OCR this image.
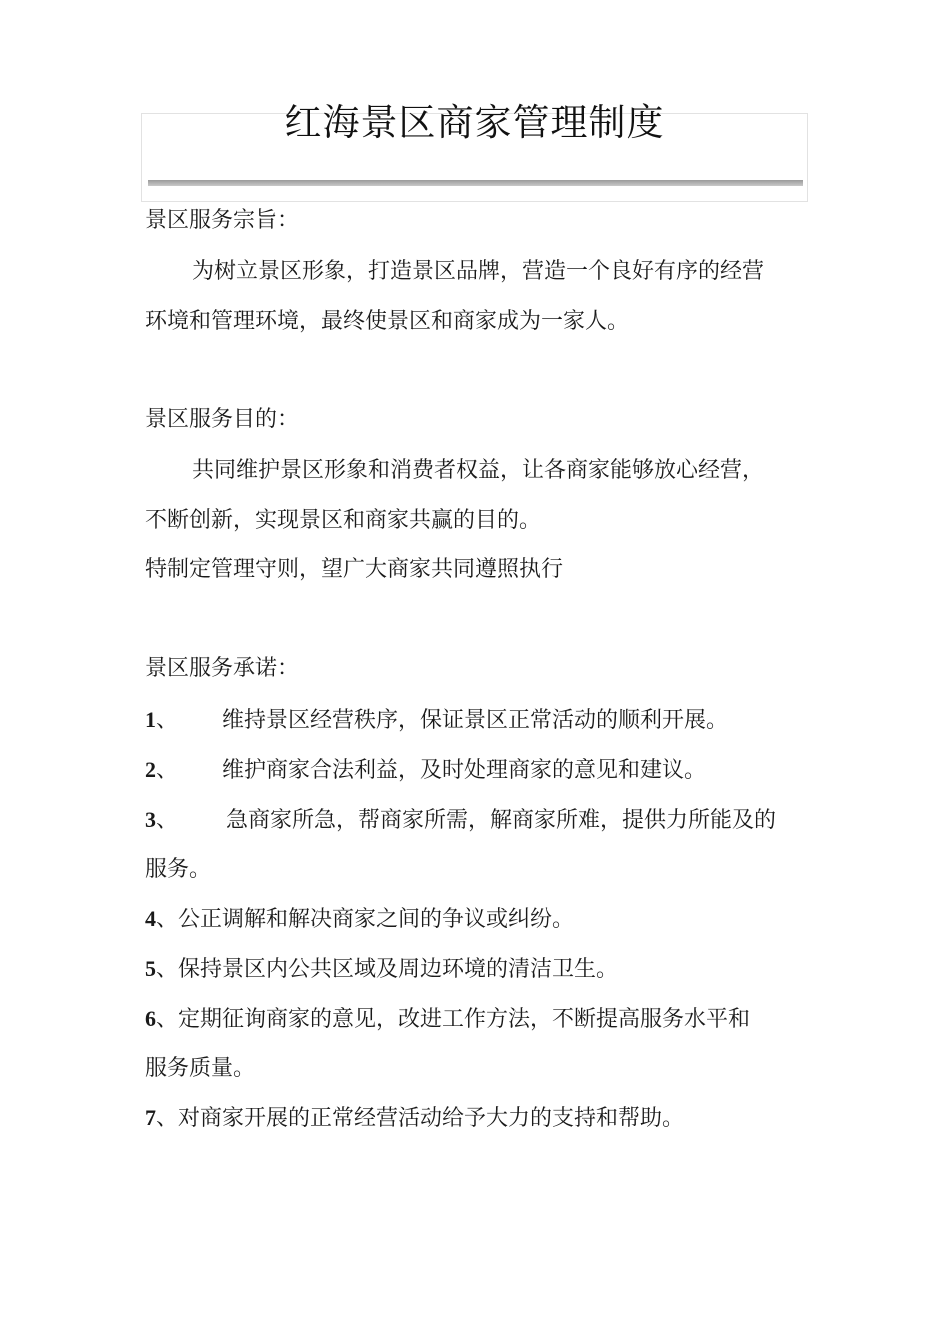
红海景区商家管理制度
景区服务宗旨：
为树立景区形象，打造景区品牌，营造一个良好有序的经营
环境和管理环境，最终使景区和商家成为一家人。
景区服务目的：
共同维护景区形象和消费者权益，让各商家能够放心经营，
不断创新，实现景区和商家共赢的目的。
特制定管理守则，望广大商家共同遵照执行
景区服务承诺：
1、 维持景区经营秩序，保证景区正常活动的顺利开展。
2、 维护商家合法利益，及时处理商家的意见和建议。
3、 急商家所急，帮商家所需，解商家所难，提供力所能及的
服务。
4、公正调解和解决商家之间的争议或纠纷。
5、保持景区内公共区域及周边环境的清洁卫生。
6、定期征询商家的意见，改进工作方法，不断提高服务水平和
服务质量。
7、对商家开展的正常经营活动给予大力的支持和帮助。
